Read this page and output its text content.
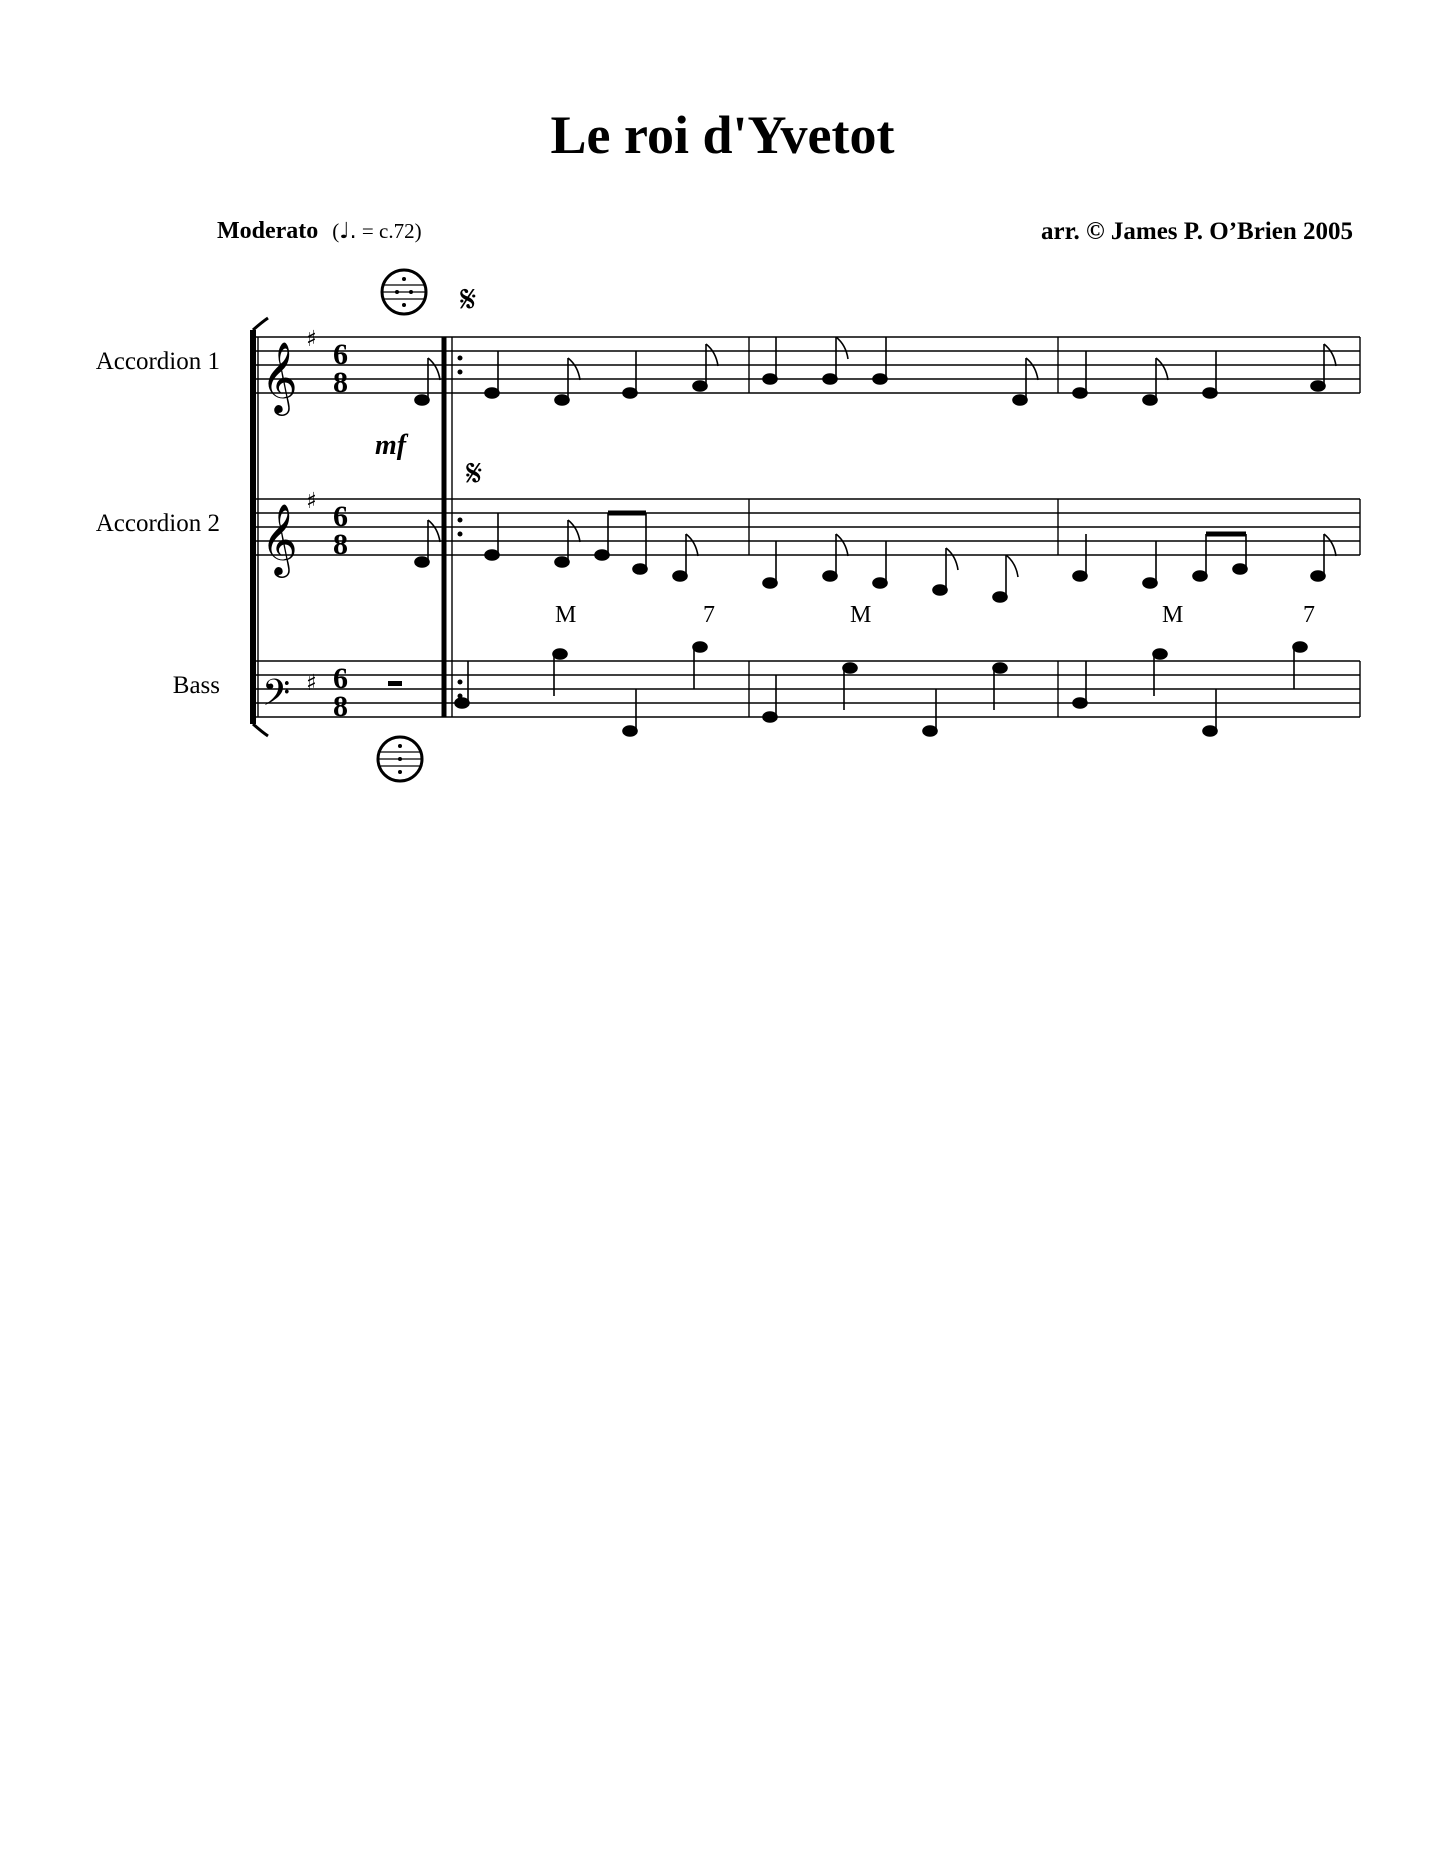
Le roi d'Yvetot
Moderato (♩. = c.72)	arr. © James P. O’Brien 2005
Accordion 1
Accordion 2
Bass
mf
M	7	M	M	7
𝄞
𝄞
𝄢
♯
♯
♯
6
8
6
8
6
8
𝄋
𝄋
